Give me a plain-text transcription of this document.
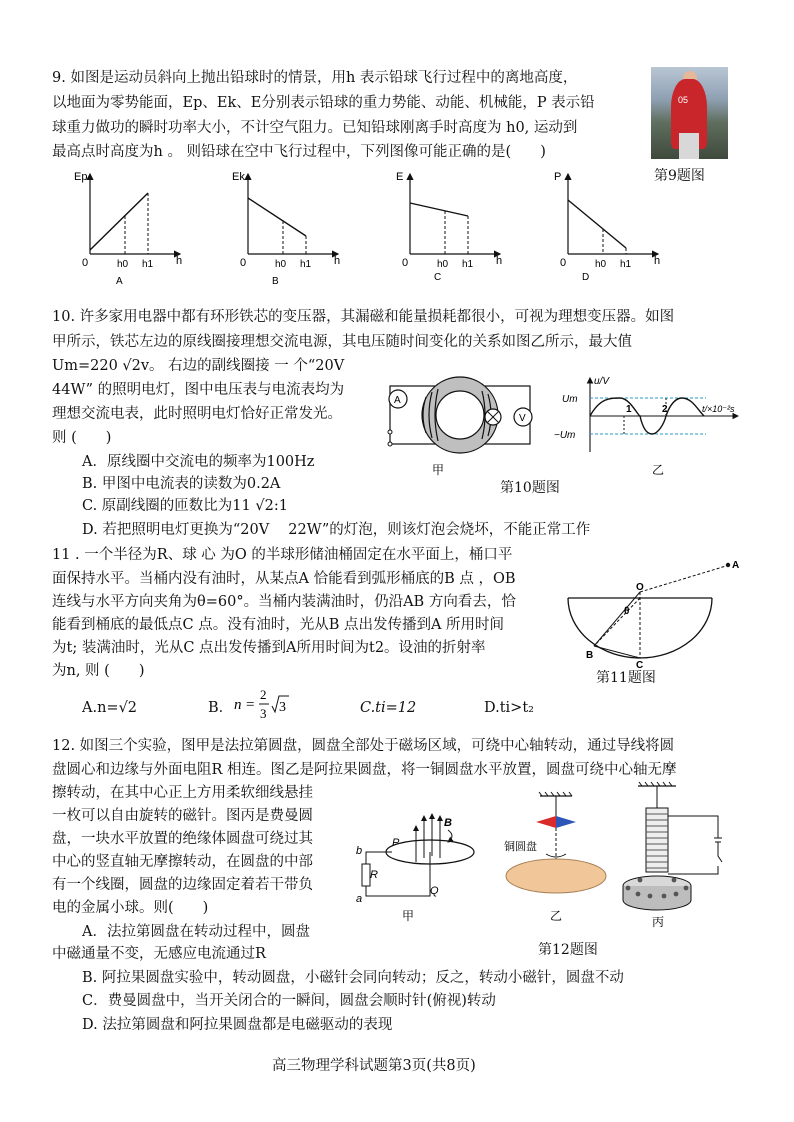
9. 如图是运动员斜向上抛出铅球时的情景，用h 表示铅球飞行过程中的离地高度，
以地面为零势能面，Ep、Ek、E分别表示铅球的重力势能、动能、机械能，P 表示铅
球重力做功的瞬时功率大小，不计空气阻力。已知铅球刚离手时高度为 h0, 运动到
最高点时高度为h 。 则铅球在空中飞行过程中，下列图像可能正确的是(　　)
05
第9题图
Ep
0	h0 h1 h
A
Ek
0	h0 h1 h
B
E
0	h0 h1 h
C
P
0	h0 h1 h
D
10. 许多家用电器中都有环形铁芯的变压器，其漏磁和能量损耗都很小，可视为理想变压器。如图
甲所示，铁芯左边的原线圈接理想交流电源，其电压随时间变化的关系如图乙所示，最大值
Um=220 √2v。 右边的副线圈接 一 个“20V
44W” 的照明电灯，图中电压表与电流表均为
理想交流电表，此时照明电灯恰好正常发光。
则 (　　)
A．原线圈中交流电的频率为100Hz
B. 甲图中电流表的读数为0.2A
C. 原副线圈的匝数比为11 √2:1
D. 若把照明电灯更换为“20V　 22W”的灯泡，则该灯泡会烧坏，不能正常工作
A
V
甲
u/V
Um
−Um
1	2	t/×10⁻²s
乙
第10题图
11 . 一个半径为R、球 心 为O 的半球形储油桶固定在水平面上，桶口平
面保持水平。当桶内没有油时，从某点A 恰能看到弧形桶底的B 点 ，OB
连线与水平方向夹角为θ=60°。当桶内装满油时，仍沿AB 方向看去，恰
能看到桶底的最低点C 点。没有油时，光从B 点出发传播到A 所用时间
为t; 装满油时，光从C 点出发传播到A所用时间为t2。设油的折射率
为n, 则 (　　)
O
A
θ
B
C
第11题图
A.n=√2	B． n =
2
3 3	C.ti=12	D.ti>t₂
12. 如图三个实验，图甲是法拉第圆盘，圆盘全部处于磁场区域，可绕中心轴转动，通过导线将圆
盘圆心和边缘与外面电阻R 相连。图乙是阿拉果圆盘，将一铜圆盘水平放置，圆盘可绕中心轴无摩
擦转动，在其中心正上方用柔软细线悬挂
一枚可以自由旋转的磁针。图丙是费曼圆
盘，一块水平放置的绝缘体圆盘可绕过其
中心的竖直轴无摩擦转动，在圆盘的中部
有一个线圈，圆盘的边缘固定着若干带负
电的金属小球。则(　　)
A．法拉第圆盘在转动过程中，圆盘
中磁通量不变，无感应电流通过R
B. 阿拉果圆盘实验中，转动圆盘，小磁针会同向转动；反之，转动小磁针，圆盘不动
C．费曼圆盘中，当开关闭合的一瞬间，圆盘会顺时针(俯视)转动
D. 法拉第圆盘和阿拉果圆盘都是电磁驱动的表现
B
P
Q
b
a
R
甲
铜圆盘
乙	丙
第12题图
高三物理学科试题第3页(共8页)
